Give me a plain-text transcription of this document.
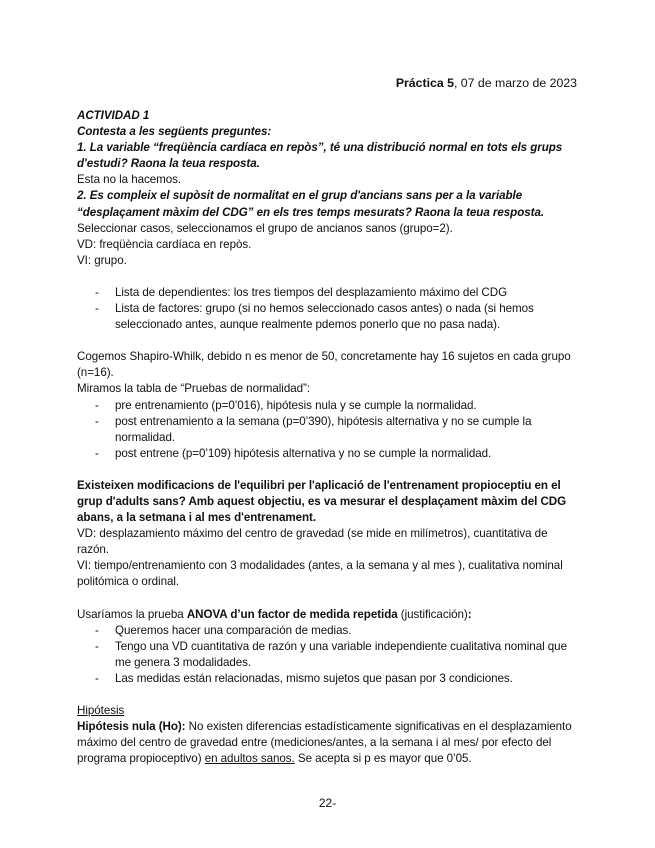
Práctica 5, 07 de marzo de 2023

ACTIVIDAD 1

Contesta a les següents preguntes:

1. La variable “freqüència cardíaca en repòs”, té una distribució normal en tots els grups d'estudi? Raona la teua resposta.

Esta no la hacemos.

2. Es compleix el supòsit de normalitat en el grup d'ancians sans per a la variable “desplaçament màxim del CDG” en els tres temps mesurats? Raona la teua resposta.

Seleccionar casos, seleccionamos el grupo de ancianos sanos (grupo=2).

VD: freqüència cardíaca en repòs.

VI: grupo.

- Lista de dependientes: los tres tiempos del desplazamiento máximo del CDG
- Lista de factores: grupo (si no hemos seleccionado casos antes) o nada (si hemos seleccionado antes, aunque realmente pdemos ponerlo que no pasa nada).

Cogemos Shapiro-Whilk, debido n es menor de 50, concretamente hay 16 sujetos en cada grupo (n=16).

Miramos la tabla de “Pruebas de normalidad”:

- pre entrenamiento (p=0’016), hipótesis nula y se cumple la normalidad.
- post entrenamiento a la semana (p=0’390), hipótesis alternativa y no se cumple la normalidad.
- post entrene (p=0’109) hipótesis alternativa y no se cumple la normalidad.

Existeixen modificacions de l'equilibri per l'aplicació de l'entrenament propioceptiu en el grup d'adults sans? Amb aquest objectiu, es va mesurar el desplaçament màxim del CDG abans, a la setmana i al mes d'entrenament.

VD: desplazamiento máximo del centro de gravedad (se mide en milímetros), cuantitativa de razón.

VI: tiempo/entrenamiento con 3 modalidades (antes, a la semana y al mes ), cualitativa nominal politómica o ordinal.

Usaríamos la prueba ANOVA d’un factor de medida repetida (justificación):

- Queremos hacer una comparación de medias.
- Tengo una VD cuantitativa de razón y una variable independiente cualitativa nominal que me genera 3 modalidades.
- Las medidas están relacionadas, mismo sujetos que pasan por 3 condiciones.

Hipótesis

Hipótesis nula (Ho): No existen diferencias estadísticamente significativas en el desplazamiento máximo del centro de gravedad entre (mediciones/antes, a la semana i al mes/ por efecto del programa propioceptivo) en adultos sanos. Se acepta si p es mayor que 0’05.

22-
